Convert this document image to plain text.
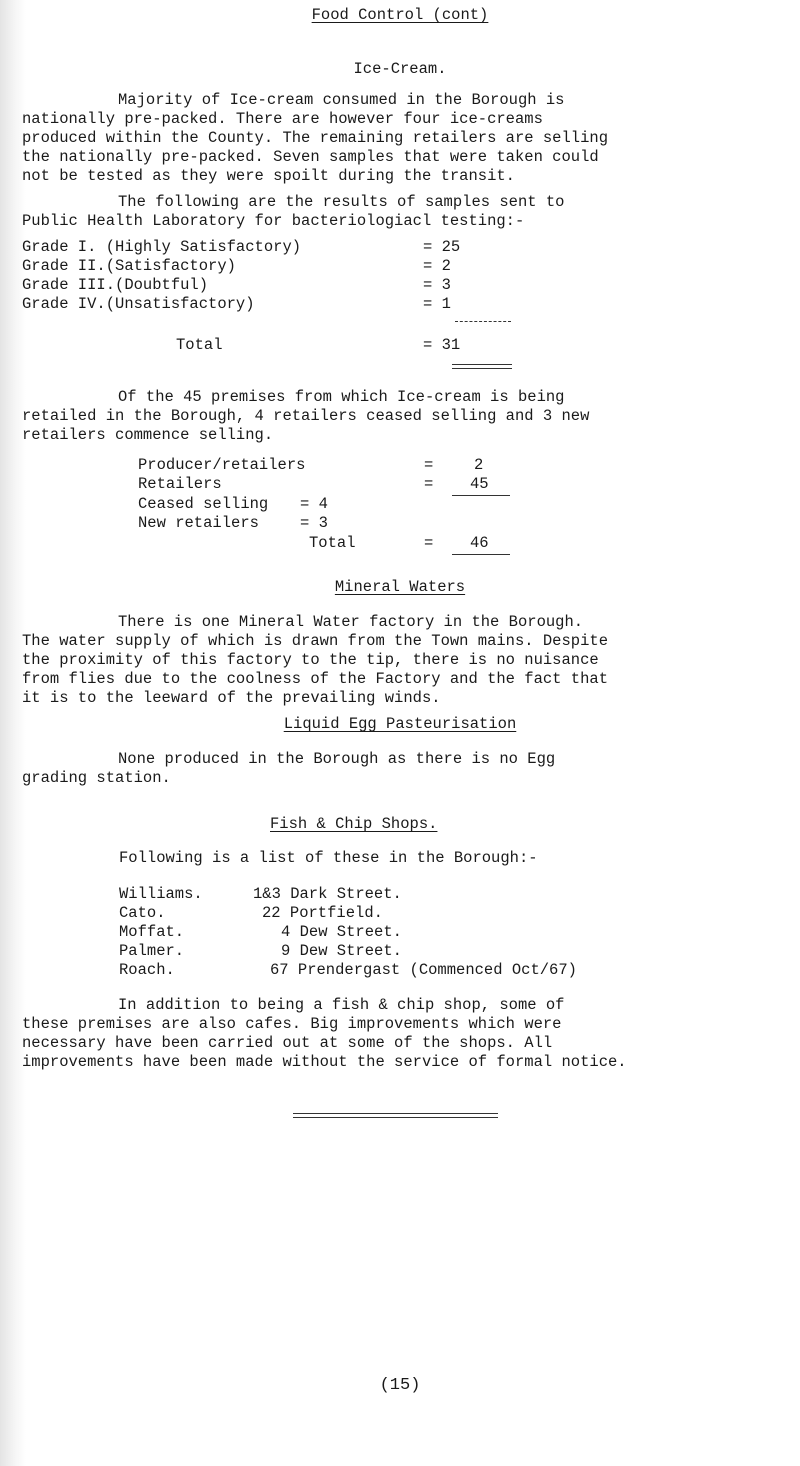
Food Control (cont)
Ice-Cream.

Majority of Ice-cream consumed in the Borough is

nationally pre-packed. There are however four ice-creams

produced within the County. The remaining retailers are selling

the nationally pre-packed. Seven samples that were taken could

not be tested as they were spoilt during the transit.

The following are the results of samples sent to

Public Health Laboratory for bacteriologiacl testing:-

Grade I. (Highly Satisfactory)	= 25
Grade II.(Satisfactory)	= 2
Grade III.(Doubtful)	= 3
Grade IV.(Unsatisfactory)	= 1
Total	= 31

Of the 45 premises from which Ice-cream is being

retailed in the Borough, 4 retailers ceased selling and 3 new

retailers commence selling.

Producer/retailers	=	2
Retailers	= 45
Ceased selling = 4
New retailers	= 3
Total	= 46
Mineral Waters

There is one Mineral Water factory in the Borough.

The water supply of which is drawn from the Town mains. Despite

the proximity of this factory to the tip, there is no nuisance

from flies due to the coolness of the Factory and the fact that

it is to the leeward of the prevailing winds.

Liquid Egg Pasteurisation

None produced in the Borough as there is no Egg

grading station.

Fish & Chip Shops.
Following is a list of these in the Borough:-
Williams.	1&3 Dark Street.
Cato.	22 Portfield.
Moffat.	4 Dew Street.
Palmer.	9 Dew Street.
Roach.	67 Prendergast (Commenced Oct/67)

In addition to being a fish & chip shop, some of

these premises are also cafes. Big improvements which were

necessary have been carried out at some of the shops. All

improvements have been made without the service of formal notice.

(15)
